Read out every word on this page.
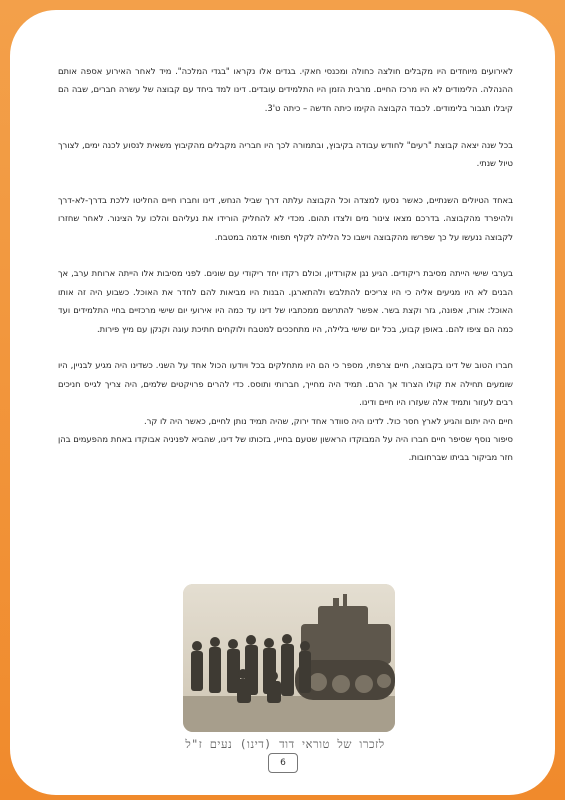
לאירועים מיוחדים היו מקבלים חולצה כחולה ומכנסי חאקי. בגדים אלו נקראו "בגדי המלכה". מיד לאחר האירוע אספה אותם ההנהלה. הלימודים לא היו מרכז החיים. מרבית הזמן היו התלמידים עובדים. דינו למד ביחד עם קבוצה של עשרה חברים, שבה הם קיבלו תגבור בלימודים. לכבוד הקבוצה הקימו כיתה חדשה – כיתה ט'3.

בכל שנה יצאה קבוצת "רעים" לחודש עבודה בקיבוץ, ובתמורה לכך היו חבריה מקבלים מהקיבוץ משאית לנסוע לכנה ימים, לצורך טיול שנתי.

באחד הטיולים השנתיים, כאשר נסעו למצדה וכל הקבוצה עלתה דרך שביל הנחש, דינו וחברו חיים החליטו ללכת בדרך-לא-דרך ולהיפרד מהקבוצה. בדרכם מצאו צינור מים ולצדו תהום. מכדי לא להחליק הורידו את נעליהם והלכו על הצינור. לאחר שחזרו לקבוצה ננעשו על כך שפרשו מהקבוצה וישבו כל הלילה לקלף תפוחי אדמה במטבח.

בערבי שישי הייתה מסיבת ריקודים. הגיע נגן אקורדיון, וכולם רקדו יחד ריקודי עם שונים. לפני מסיבות אלו הייתה ארוחת ערב, אך הבנים לא היו מגיעים אליה כי היו צריכים להתלבש ולהתארגן. הבנות היו מביאות להם לחדר את האוכל. כשבוע היה זה אותו האוכל: אורז, אפונה, גזר וקצת בשר. אפשר להתרשם ממכתביו של דינו עד כמה היו אירועי יום שישי מרכזיים בחיי התלמידים ועד כמה הם ציפו להם. באופן קבוע, בכל יום שישי בלילה, היו מתחככים למטבח ולוקחים חתיכת עוגה וקנקן עם מיץ פירות.

חברו הטוב של דינו בקבוצה, חיים צרפתי, מספר כי הם היו מתחלקים בכל ויודעו הכול אחד על השני. כשדינו היה מגיע לבניין, היו שומעים תחילה את קולו הצרוד אך הרם. תמיד היה מחייך, חברותי ותוסס. כדי להרים פרויקטים שלמים, היה צריך לגייס חניכים רבים לעזור ותמיד אלה שעזרו היו חיים ודינו.

חיים היה יתום והגיע לארץ חסר כול. לדינו היה סוודר אחד ירוק, שהיה תמיד נותן לחיים, כאשר היה לו קר.

סיפור נוסף שסיפר חיים חברו היה על המבוקדו הראשון שטעם בחייו, בזכותו של דינו, שהביא לפניניה אבוקדו באחת מהפעמים בהן חזר מביקור בביתו שברחובות.

לזכרו של טוראי דוד (דינו) נעים ז"ל
6
